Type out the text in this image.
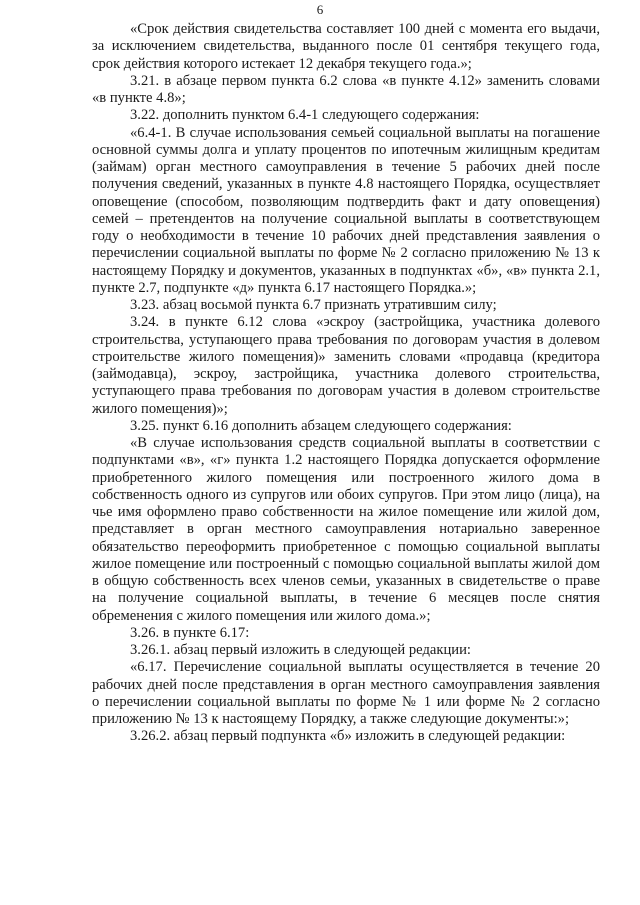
6

«Срок действия свидетельства составляет 100 дней с момента его выдачи, за исключением свидетельства, выданного после 01 сентября текущего года, срок действия которого истекает 12 декабря текущего года.»;

3.21. в абзаце первом пункта 6.2 слова «в пункте 4.12» заменить словами «в пункте 4.8»;

3.22. дополнить пунктом 6.4-1 следующего содержания:

«6.4-1. В случае использования семьей социальной выплаты на погашение основной суммы долга и уплату процентов по ипотечным жилищным кредитам (займам) орган местного самоуправления в течение 5 рабочих дней после получения сведений, указанных в пункте 4.8 настоящего Порядка, осуществляет оповещение (способом, позволяющим подтвердить факт и дату оповещения) семей – претендентов на получение социальной выплаты в соответствующем году о необходимости в течение 10 рабочих дней представления заявления о перечислении социальной выплаты по форме № 2 согласно приложению № 13 к настоящему Порядку и документов, указанных в подпунктах «б», «в» пункта 2.1, пункте 2.7, подпункте «д» пункта 6.17 настоящего Порядка.»;

3.23. абзац восьмой пункта 6.7 признать утратившим силу;

3.24. в пункте 6.12 слова «эскроу (застройщика, участника долевого строительства, уступающего права требования по договорам участия в долевом строительстве жилого помещения)» заменить словами «продавца (кредитора (займодавца), эскроу, застройщика, участника долевого строительства, уступающего права требования по договорам участия в долевом строительстве жилого помещения)»;

3.25. пункт 6.16 дополнить абзацем следующего содержания:

«В случае использования средств социальной выплаты в соответствии с подпунктами «в», «г» пункта 1.2 настоящего Порядка допускается оформление приобретенного жилого помещения или построенного жилого дома в собственность одного из супругов или обоих супругов. При этом лицо (лица), на чье имя оформлено право собственности на жилое помещение или жилой дом, представляет в орган местного самоуправления нотариально заверенное обязательство переоформить приобретенное с помощью социальной выплаты жилое помещение или построенный с помощью социальной выплаты жилой дом в общую собственность всех членов семьи, указанных в свидетельстве о праве на получение социальной выплаты, в течение 6 месяцев после снятия обременения с жилого помещения или жилого дома.»;

3.26. в пункте 6.17:

3.26.1. абзац первый изложить в следующей редакции:

«6.17. Перечисление социальной выплаты осуществляется в течение 20 рабочих дней после представления в орган местного самоуправления заявления о перечислении социальной выплаты по форме № 1 или форме № 2 согласно приложению № 13 к настоящему Порядку, а также следующие документы:»;

3.26.2. абзац первый подпункта «б» изложить в следующей редакции:
